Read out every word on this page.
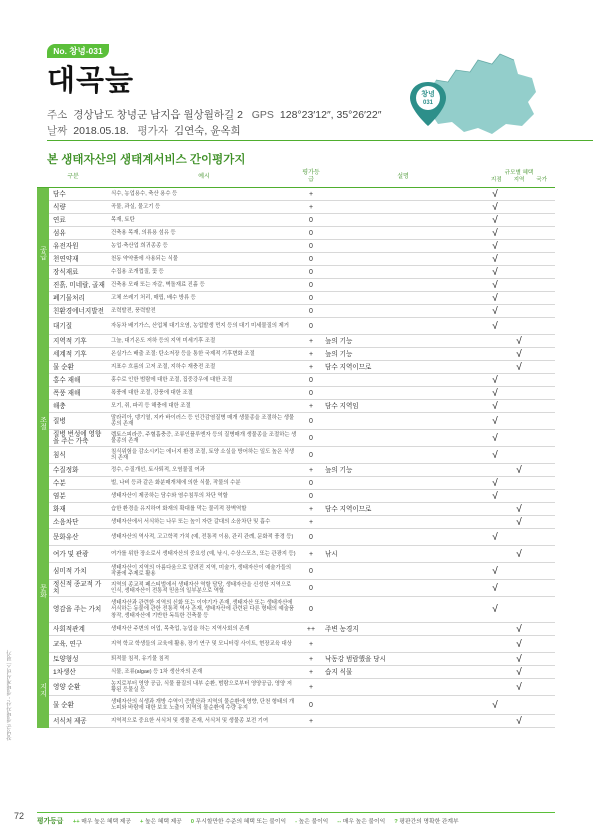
No. 창녕-031
대곡늪	창녕
031
주소 경상남도 창녕군 남지읍 월상월하길 2 GPS 128°23′12″, 35°26′22″
날짜 2018.05.18. 평가자 김연숙, 윤옥희
본 생태자산의 생태계서비스 간이평가지
구분		예시	평가등급	설명	규모별 혜택
지점 지역 국가		

공급	담수	식수, 농업용수, 축산 용수 등	+		√		
	식량	곡물, 과실, 물고기 등	+		√		
	연료	목재, 토탄	0		√		
	섬유	건축용 목재, 의류용 섬유 등	0		√		
	유전자원	농업·축산업 희귀종종 등	0		√		
	천연약재	천동 약약품에 사용되는 식물	0		√		
	장식재료	수집용 조개껍질, 꽃 등	0		√		
	진흙, 미네랄, 골재	건축용 모래 또는 자갈, 벽돌재료 진흙 등	0		√		
	폐기물처리	고체 쓰레기 처리, 매립, 배수 방류 등	0		√		
	친환경에너지발전	조력발전, 풍력발전	0		√		
조절	대기질	자동차 배기가스, 산업체 대기오염, 농업발생 먼지 등의 대기 미세물질의 제거	0		√		
	지역적 기후	그늘, 대기온도 저하 등의 지역 미세기후 조절	+	늪의 기능		√	
	세계적 기후	온실가스 배출 조절: 탄소저장 등을 통한 국제적 기후변화 조절	+	늪의 기능		√	
	물 순환	지표수 흐름의 고저 조절, 지하수 재충전 조절	+	담수 지역이므로		√	
	홍수 재해	홍수로 인한 범람에 대한 조절, 집중강우에 대한 조절	0		√		
	폭풍 재해	폭풍에 대한 조절, 강풍에 대한 조절	0		√		
	해충	모기, 쥐, 파리 등 해충에 대한 조절	+	담수 지역임	√		
	질병	말라리아, 뎅기열, 지카 바이러스 등 인간감염질병 매개 생물종을 조절하는 생물종의 존재	0		√		
	질병 번성에 영향을 주는 가축	렙토스피라증, 주혈흡충증, 조류인플루엔자 등의 질병매개 생물종을 조절하는 생물종의 존재	0		√		
	침식	침식위험을 감소시키는 에너지 환경 조절, 토양 소실을 방어하는 일도 높은 식생의 존재	0		√		
	수질정화	정수, 수질개선, 토사퇴적, 오염물질 여과	+	늪의 기능		√	
	수분	벌, 나비 등과 같은 화분매개체에 의한 식물, 작물의 수분	0		√		
	염분	생태자산이 제공하는 담수와 염수침투의 차단 역할	0		√		
	화재	습한 환경을 유지하여 화재의 확대를 막는 물리적 장벽역할	+	담수 지역이므로		√	
	소음차단	생태자산에서 서식하는 나무 또는 높이 자란 갈대의 소음차단 및 흡수	+			√	
문화	문화유산	생태자산의 역사적, 고고학적 가치 (예, 전통적 이용, 관리 관례, 문화적 풍경 등)	0		√		
	여가 및 관광	여가를 위한 장소로서 생태자산의 중요성 (예, 낚시, 수상스포츠, 또는 관광지 등)	+	낚시		√	
	심미적 가치	생태자산이 지역의 아름다움으로 알려진 지역, 미술가, 생태자산이 예술가들의 작품에 주제로 활용	0		√		
	정신적 종교적 가치	지역의 종교적 페스티벌에서 생태자산 역할 담당, 생태자산을 신성한 지역으로 인식, 생태자산이 전통적 믿음의 일부분으로 역할	0		√		
	영감을 주는 가치	생태자산과 관련한 지역의 신화 또는 이야기가 존재, 생태자산 또는 생태자산에 서식하는 동물에 관한 전통적 역사 존재, 생태자산에 관련된 다른 형태의 예술품 창작, 생태자산에 기반한 독특한 건축물 등	0		√		
	사회적관계	생태자산 주변의 어업, 목축업, 농업을 하는 지역사회의 존재	++	주변 농경지		√	
	교육, 연구	지역 학교 학생들의 교육에 활용, 장기 연구 및 모니터링 사이트, 현장교육 대상	+			√	
지지	토양형성	퇴적물 침적, 유기물 침적	+	낙동강 범람했을 당시		√	
	1차생산	식물, 조류(algae) 등 1차 생산자의 존재	+	습지 식물		√	
	영양 순환	농지로부터 영양 공급, 식물 플질의 내부 순환, 범람으로부터 영양공급, 영양 저황된 등물실 등	+			√	
	물 순환	생태자산의 식생과 개방 수역이 증발산과 지역의 물순환에 영향, 단천 형태의 개노피와 바람에 대한 보호 노출이 지역의 물순환에 수량 유지	0		√		
	서식처 제공	지역적으로 중요한 서식처 및 생물 존재, 서식처 및 생물종 보전 기여	+			√	
창녕군 생태자산 - 생태계서비스 평가
72
평가등급 ++ 매우 높은 혜택 제공 + 높은 혜택 제공 0 무시할만한 수준의 혜택 또는 불이익 - 높은 불이익 -- 매우 높은 불이익 ? 평판간의 명확한 관계부
